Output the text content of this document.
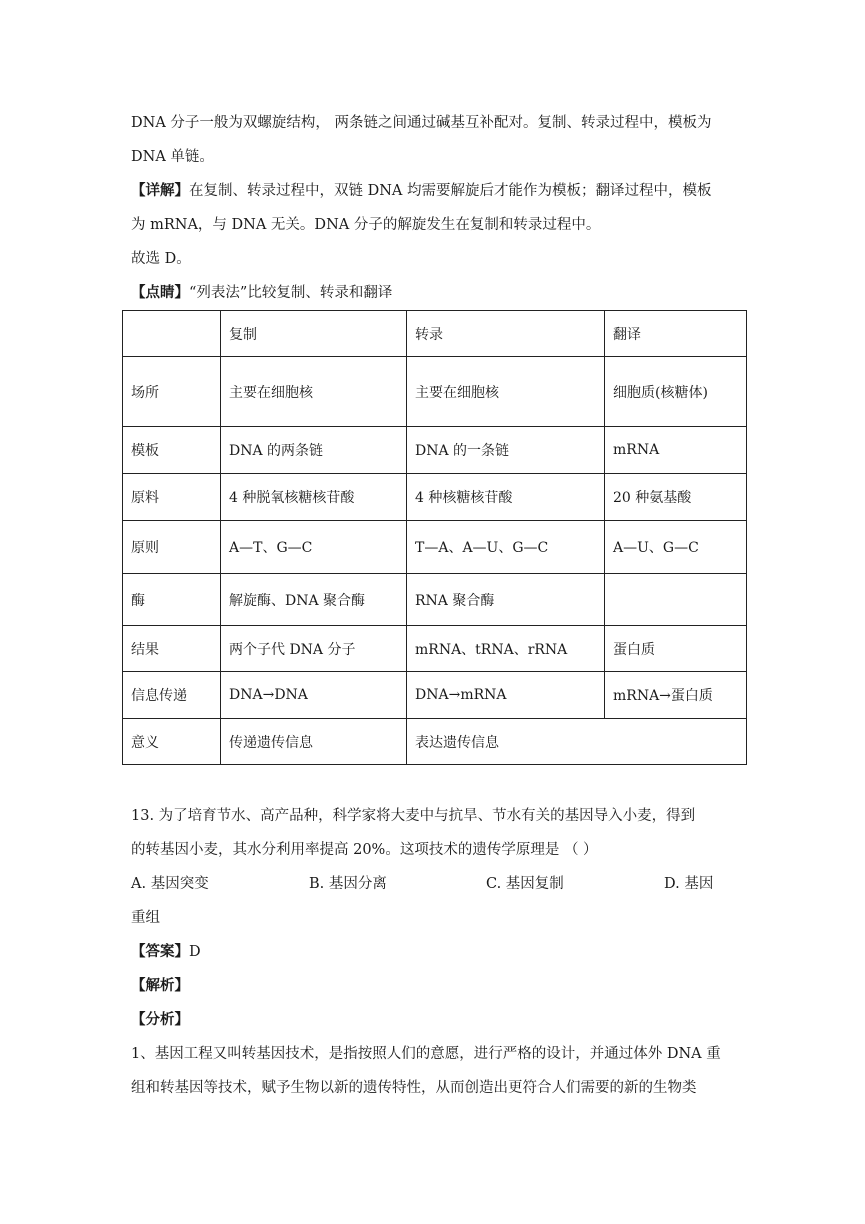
DNA 分子一般为双螺旋结构， 两条链之间通过碱基互补配对。复制、转录过程中，模板为
DNA 单链。
【详解】在复制、转录过程中，双链 DNA 均需要解旋后才能作为模板；翻译过程中，模板
为 mRNA，与 DNA 无关。DNA 分子的解旋发生在复制和转录过程中。
故选 D。
【点睛】“列表法”比较复制、转录和翻译
	复制	转录	翻译
场所	主要在细胞核	主要在细胞核	细胞质(核糖体)
模板	DNA 的两条链	DNA 的一条链	mRNA
原料	4 种脱氧核糖核苷酸	4 种核糖核苷酸	20 种氨基酸
原则	A—T、G—C	T—A、A—U、G—C	A—U、G—C
酶	解旋酶、DNA 聚合酶	RNA 聚合酶	
结果	两个子代 DNA 分子	mRNA、tRNA、rRNA	蛋白质
信息传递	DNA→DNA	DNA→mRNA	mRNA→蛋白质
意义	传递遗传信息	表达遗传信息	
13. 为了培育节水、高产品种，科学家将大麦中与抗旱、节水有关的基因导入小麦，得到
的转基因小麦，其水分利用率提高 20%。这项技术的遗传学原理是 （ ）
A. 基因突变	B. 基因分离	C. 基因复制	D. 基因
重组
【答案】D
【解析】
【分析】
1、基因工程又叫转基因技术，是指按照人们的意愿，进行严格的设计，并通过体外 DNA 重
组和转基因等技术，赋予生物以新的遗传特性，从而创造出更符合人们需要的新的生物类
